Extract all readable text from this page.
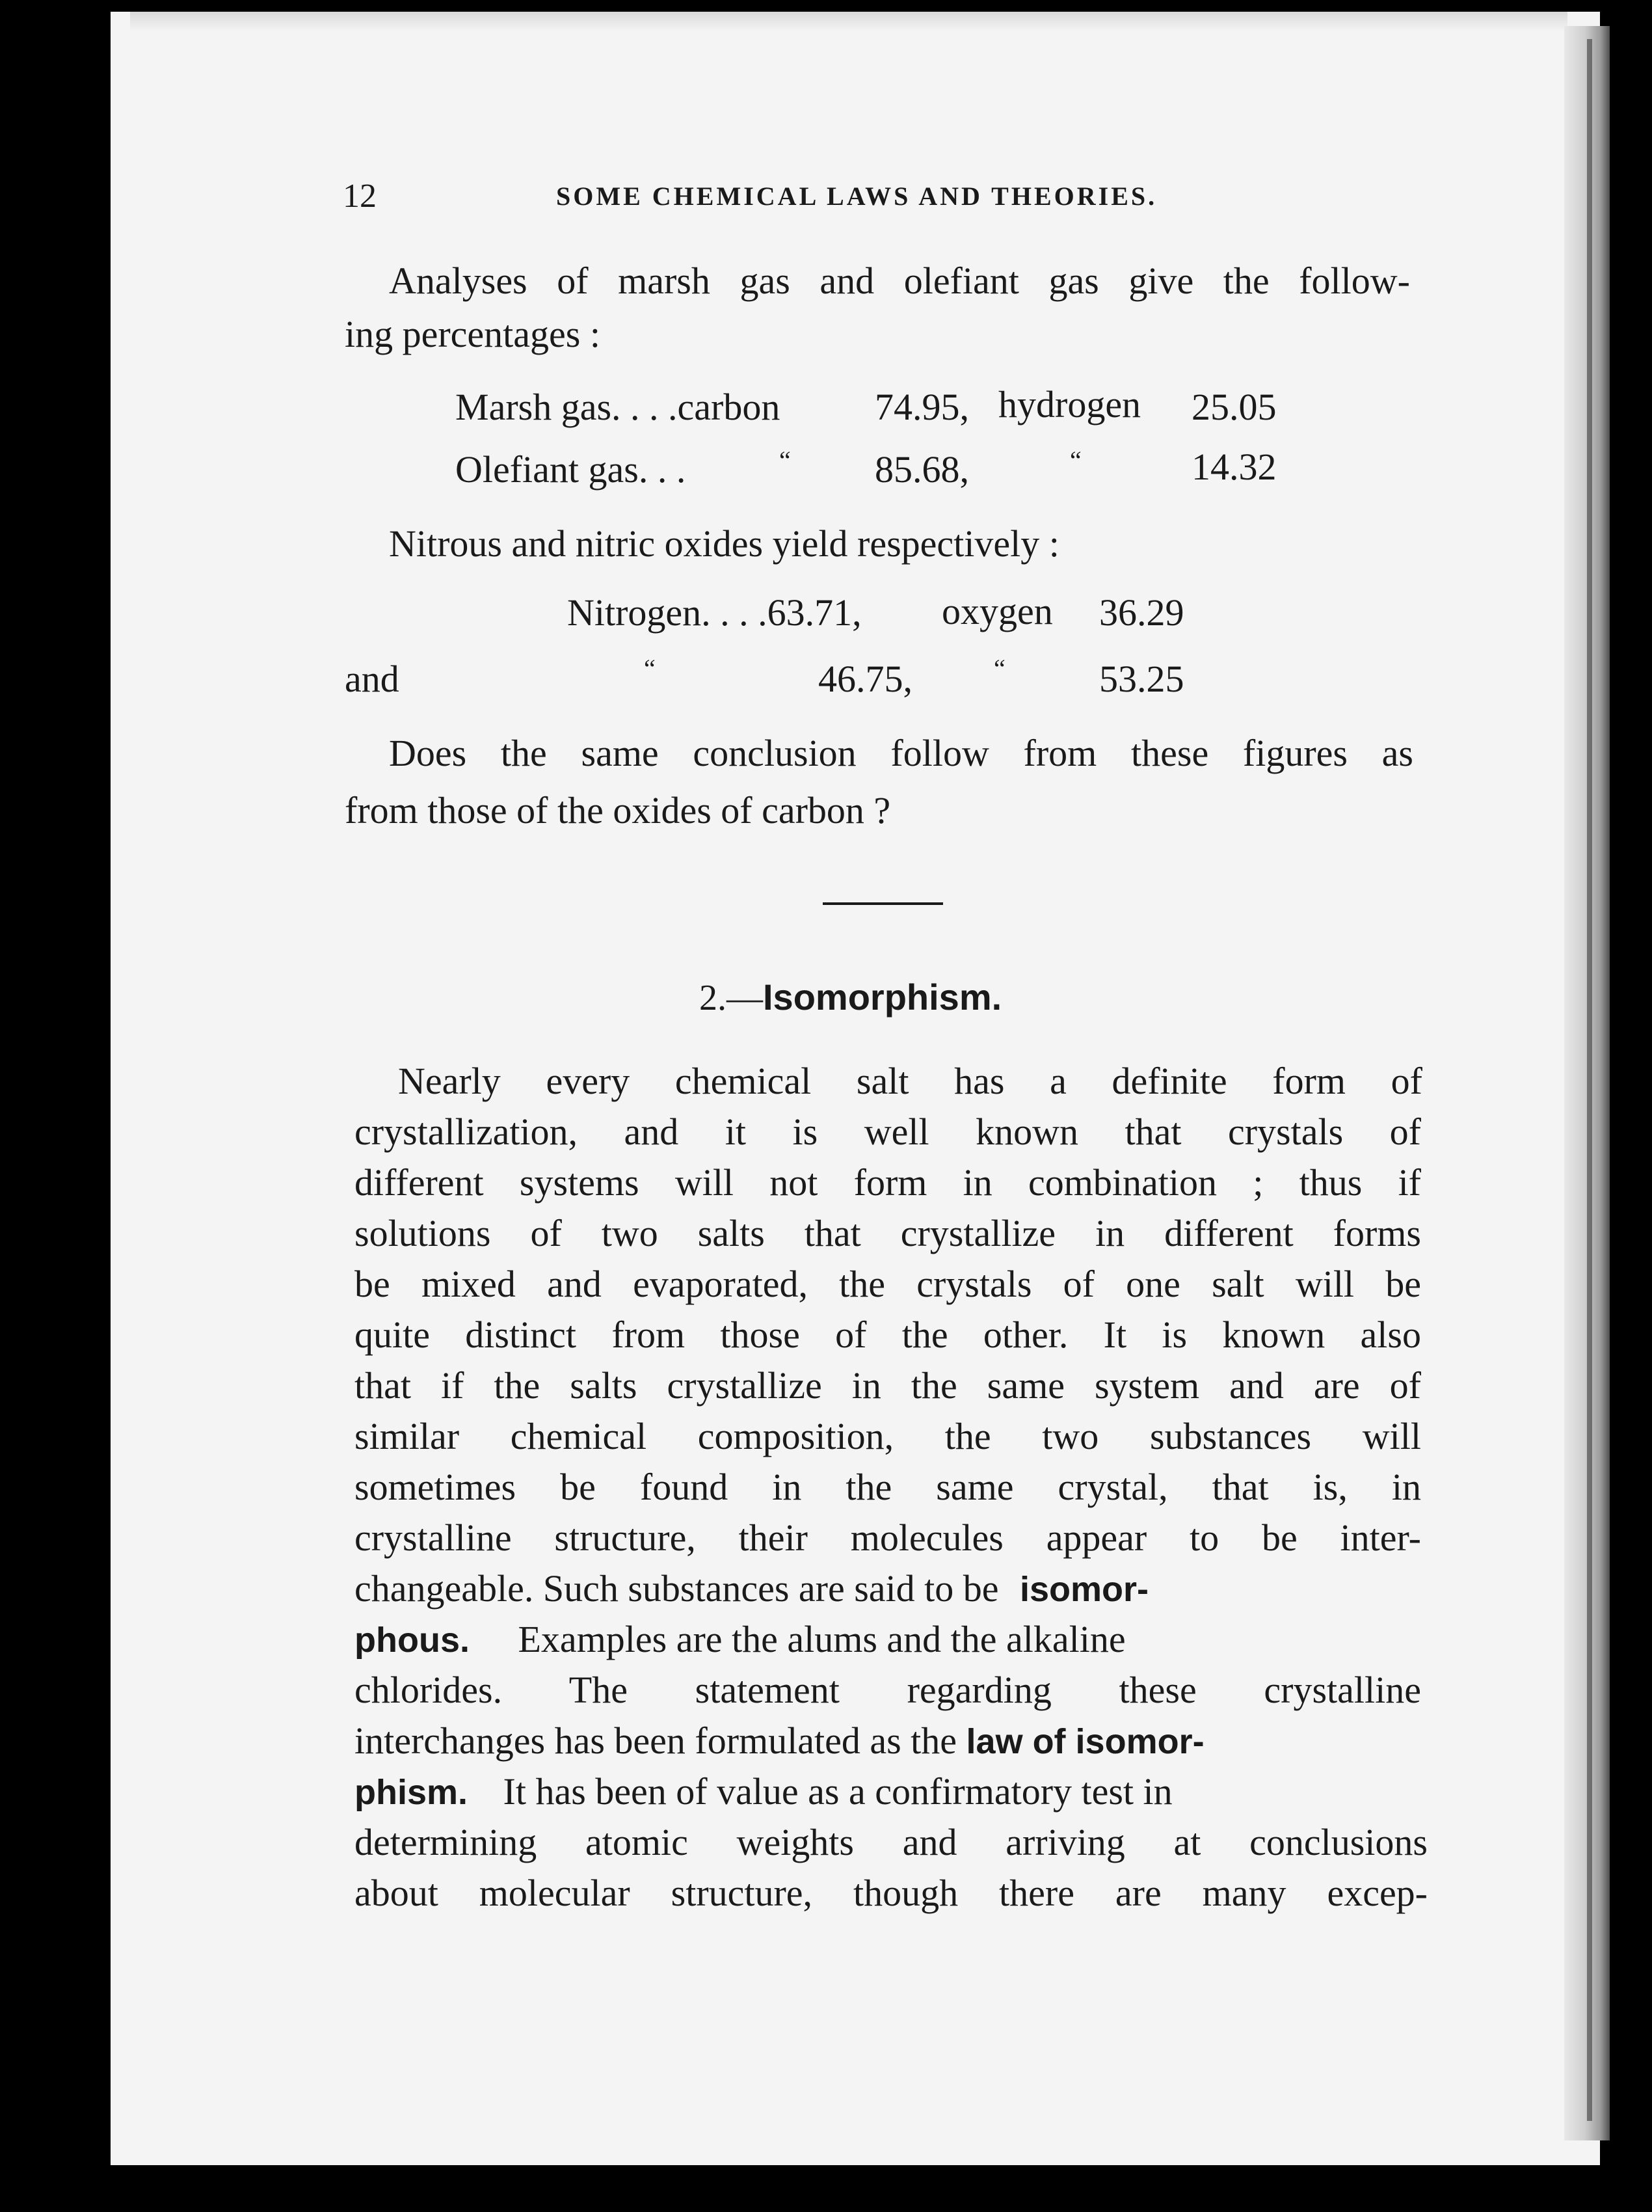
12	SOME CHEMICAL LAWS AND THEORIES.
Analyses of marsh gas and olefiant gas give the follow-
ing percentages :
Marsh gas. . . .carbon	74.95, hydrogen 25.05
Olefiant gas. . .	“ 85.68,	“	14.32
Nitrous and nitric oxides yield respectively :
Nitrogen. . . .63.71, oxygen 36.29
and	“	46.75,	“ 53.25
Does the same conclusion follow from these figures as
from those of the oxides of carbon ?
2.—Isomorphism.
Nearly every chemical salt has a definite form of
crystallization, and it is well known that crystals of
different systems will not form in combination ; thus if
solutions of two salts that crystallize in different forms
be mixed and evaporated, the crystals of one salt will be
quite distinct from those of the other. It is known also
that if the salts crystallize in the same system and are of
similar chemical composition, the two substances will
sometimes be found in the same crystal, that is, in
crystalline structure, their molecules appear to be inter-
changeable. Such substances are said to be isomor-
phous. Examples are the alums and the alkaline
chlorides. The statement regarding these crystalline
interchanges has been formulated as the law of isomor-
phism. It has been of value as a confirmatory test in
determining atomic weights and arriving at conclusions
about molecular structure, though there are many excep-
